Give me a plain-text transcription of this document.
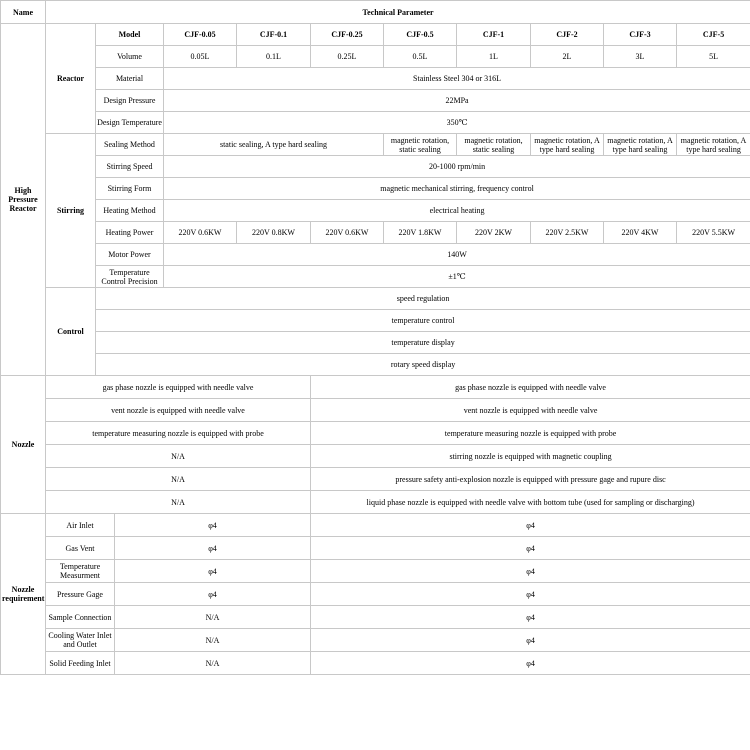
Name	Technical Parameter										
High Pressure Reactor	Reactor	Model		CJF-0.05	CJF-0.1	CJF-0.25	CJF-0.5	CJF-1	CJF-2	CJF-3	CJF-5
		Volume		0.05L	0.1L	0.25L	0.5L	1L	2L	3L	5L
		Material		Stainless Steel 304 or 316L							
		Design Pressure		22MPa							
		Design Temperature		350℃							
	Stirring	Sealing Method		static sealing, A type hard sealing			magnetic rotation, static sealing	magnetic rotation, static sealing	magnetic rotation, A type hard sealing	magnetic rotation, A type hard sealing	magnetic rotation, A type hard sealing
		Stirring Speed		20-1000 rpm/min							
		Stirring Form		magnetic mechanical stirring, frequency control							
		Heating Method		electrical heating							
		Heating Power		220V 0.6KW	220V 0.8KW	220V 0.6KW	220V 1.8KW	220V 2KW	220V 2.5KW	220V 4KW	220V 5.5KW
		Motor Power		140W							
		Temperature Control Precision		±1℃							
	Control	speed regulation									
		temperature control									
		temperature display									
		rotary speed display									
Nozzle	gas phase nozzle is equipped with needle valve					gas phase nozzle is equipped with needle valve					
	vent nozzle is equipped with needle valve					vent nozzle is equipped with needle valve					
	temperature measuring nozzle is equipped with probe					temperature measuring nozzle is equipped with probe					
	N/A					stirring nozzle is equipped with magnetic coupling					
	N/A					pressure safety anti-explosion nozzle is equipped with pressure gage and rupure disc					
	N/A					liquid phase nozzle is equipped with needle valve with bottom tube (used for sampling or discharging)					
Nozzle requirement	Air Inlet		φ4			φ4					
	Gas Vent		φ4			φ4					
	Temperature Measurment		φ4			φ4					
	Pressure Gage		φ4			φ4					
	Sample Connection		N/A			φ4					
	Cooling Water Inlet and Outlet		N/A			φ4					
	Solid Feeding Inlet		N/A			φ4					
